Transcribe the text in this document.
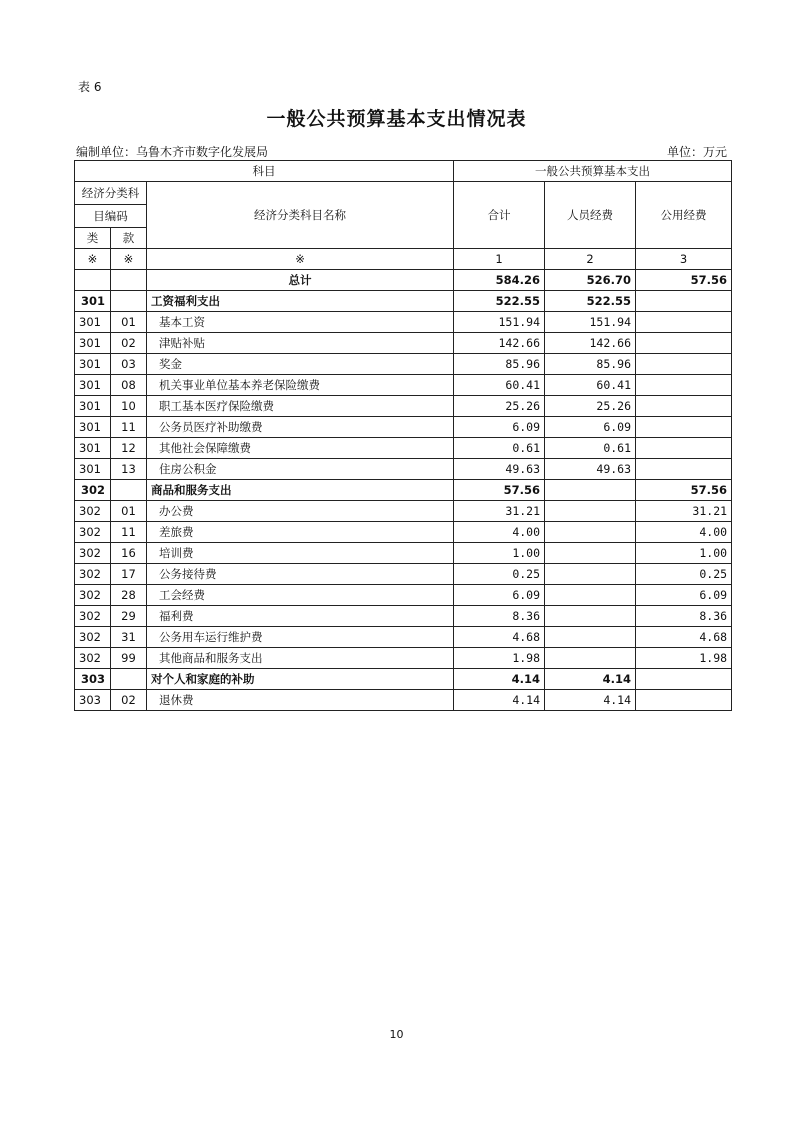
表 6
一般公共预算基本支出情况表
编制单位：乌鲁木齐市数字化发展局	单位：万元
科目			一般公共预算基本支出		
经济分类科		经济分类科目名称	合计	人员经费	公用经费
目编码					
类	款				
※	※	※	1	2	3
		总计	584.26	526.70	57.56
301		工资福利支出	522.55	522.55	
301	01	基本工资	151.94	151.94	
301	02	津贴补贴	142.66	142.66	
301	03	奖金	85.96	85.96	
301	08	机关事业单位基本养老保险缴费	60.41	60.41	
301	10	职工基本医疗保险缴费	25.26	25.26	
301	11	公务员医疗补助缴费	6.09	6.09	
301	12	其他社会保障缴费	0.61	0.61	
301	13	住房公积金	49.63	49.63	
302		商品和服务支出	57.56		57.56
302	01	办公费	31.21		31.21
302	11	差旅费	4.00		4.00
302	16	培训费	1.00		1.00
302	17	公务接待费	0.25		0.25
302	28	工会经费	6.09		6.09
302	29	福利费	8.36		8.36
302	31	公务用车运行维护费	4.68		4.68
302	99	其他商品和服务支出	1.98		1.98
303		对个人和家庭的补助	4.14	4.14	
303	02	退休费	4.14	4.14	
10
